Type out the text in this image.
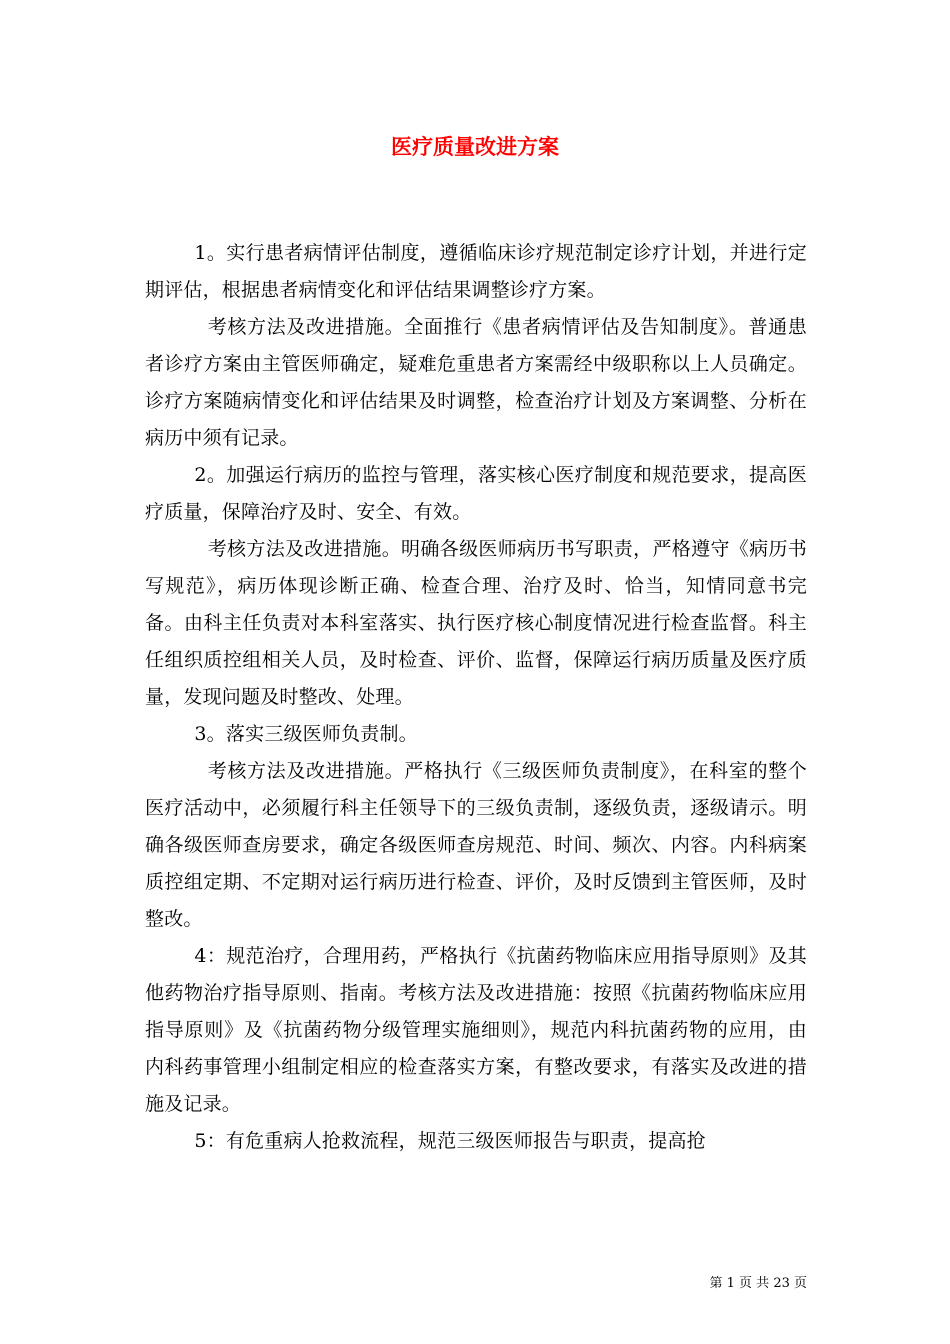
医疗质量改进方案

1。实行患者病情评估制度，遵循临床诊疗规范制定诊疗计划，并进行定期评估，根据患者病情变化和评估结果调整诊疗方案。

考核方法及改进措施。全面推行《患者病情评估及告知制度》。普通患者诊疗方案由主管医师确定，疑难危重患者方案需经中级职称以上人员确定。诊疗方案随病情变化和评估结果及时调整，检查治疗计划及方案调整、分析在病历中须有记录。

2。加强运行病历的监控与管理，落实核心医疗制度和规范要求，提高医疗质量，保障治疗及时、安全、有效。

考核方法及改进措施。明确各级医师病历书写职责，严格遵守《病历书写规范》，病历体现诊断正确、检查合理、治疗及时、恰当，知情同意书完备。由科主任负责对本科室落实、执行医疗核心制度情况进行检查监督。科主任组织质控组相关人员，及时检查、评价、监督，保障运行病历质量及医疗质量，发现问题及时整改、处理。

3。落实三级医师负责制。

考核方法及改进措施。严格执行《三级医师负责制度》，在科室的整个医疗活动中，必须履行科主任领导下的三级负责制，逐级负责，逐级请示。明确各级医师查房要求，确定各级医师查房规范、时间、频次、内容。内科病案质控组定期、不定期对运行病历进行检查、评价，及时反馈到主管医师，及时整改。

4：规范治疗，合理用药，严格执行《抗菌药物临床应用指导原则》及其他药物治疗指导原则、指南。考核方法及改进措施：按照《抗菌药物临床应用指导原则》及《抗菌药物分级管理实施细则》，规范内科抗菌药物的应用，由内科药事管理小组制定相应的检查落实方案，有整改要求，有落实及改进的措施及记录。

5：有危重病人抢救流程，规范三级医师报告与职责，提高抢

第 1 页 共 23 页
